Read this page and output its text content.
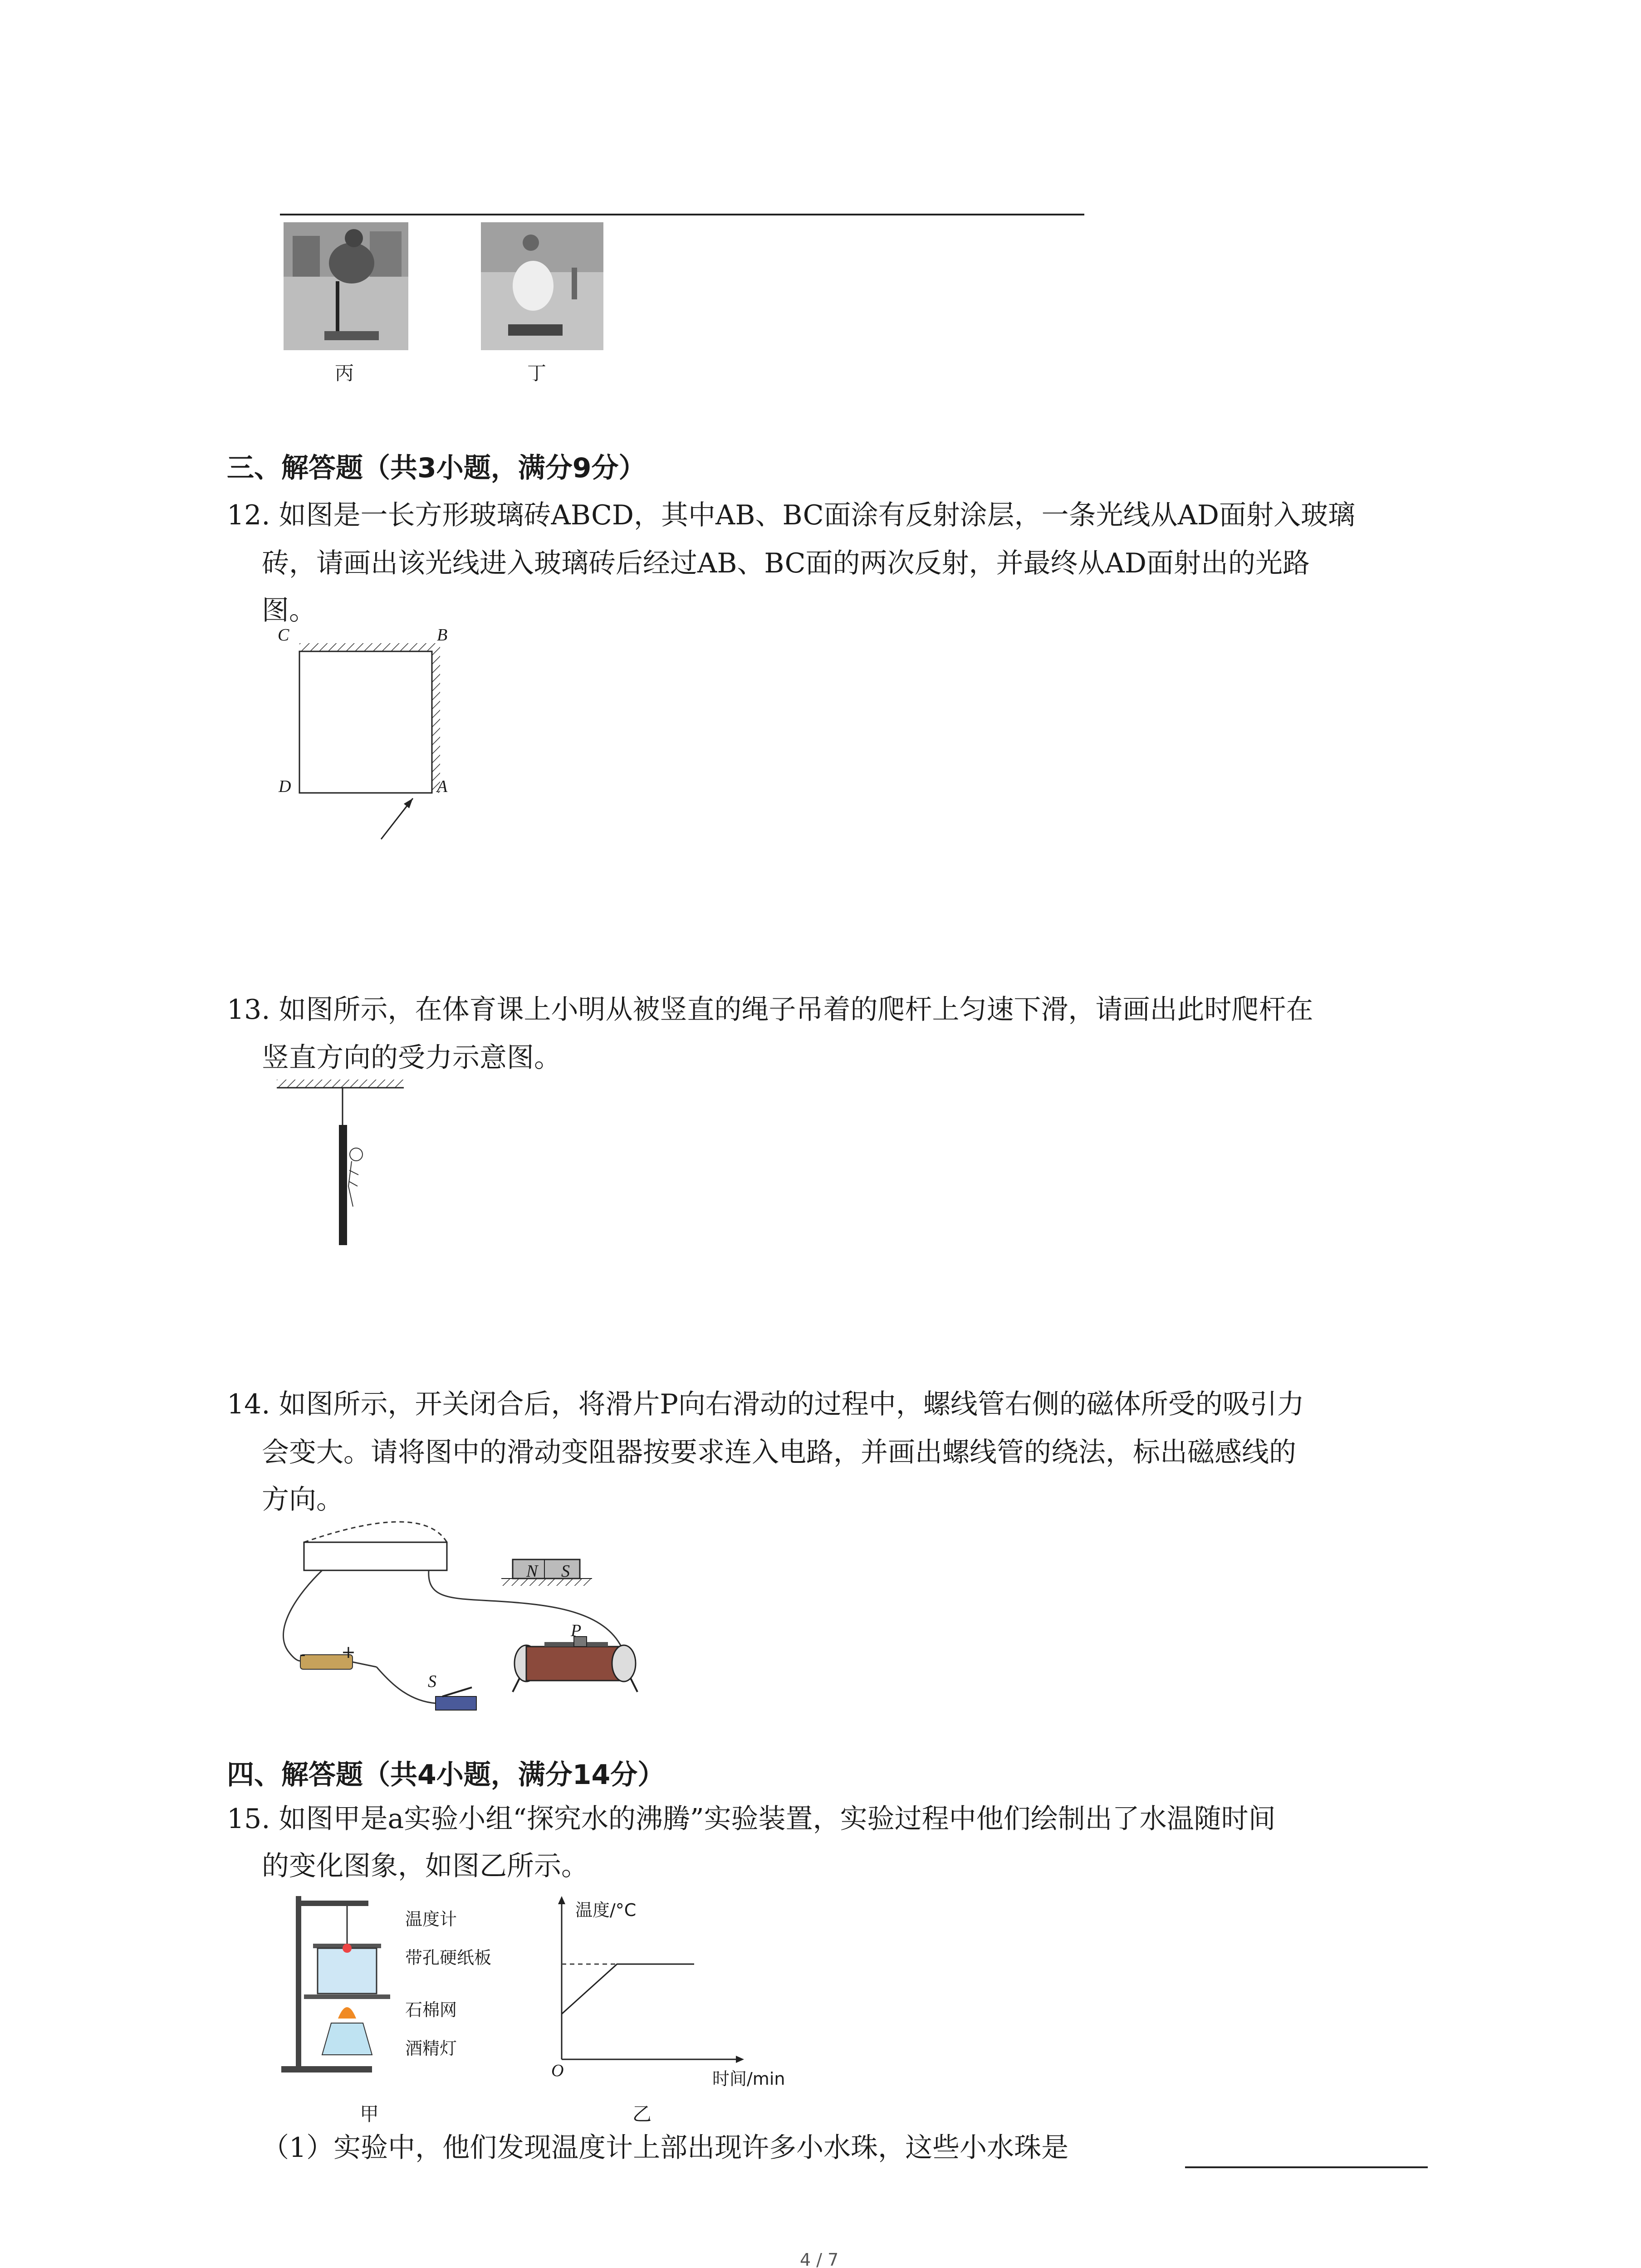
丙	丁
三、解答题（共3小题，满分9分）
12. 如图是一长方形玻璃砖ABCD，其中AB、BC面涂有反射涂层，一条光线从AD面射入玻璃
砖，请画出该光线进入玻璃砖后经过AB、BC面的两次反射，并最终从AD面射出的光路
图。
C	B
D	A
13. 如图所示，在体育课上小明从被竖直的绳子吊着的爬杆上匀速下滑，请画出此时爬杆在
竖直方向的受力示意图。
14. 如图所示，开关闭合后，将滑片P向右滑动的过程中，螺线管右侧的磁体所受的吸引力
会变大。请将图中的滑动变阻器按要求连入电路，并画出螺线管的绕法，标出磁感线的
方向。
N S
P
S
- +
四、解答题（共4小题，满分14分）
15. 如图甲是a实验小组“探究水的沸腾”实验装置，实验过程中他们绘制出了水温随时间
的变化图象，如图乙所示。
温度计
带孔硬纸板
石棉网
酒精灯
温度/°C
O	时间/min
甲	乙
（1）实验中，他们发现温度计上部出现许多小水珠，这些小水珠是
4 / 7
